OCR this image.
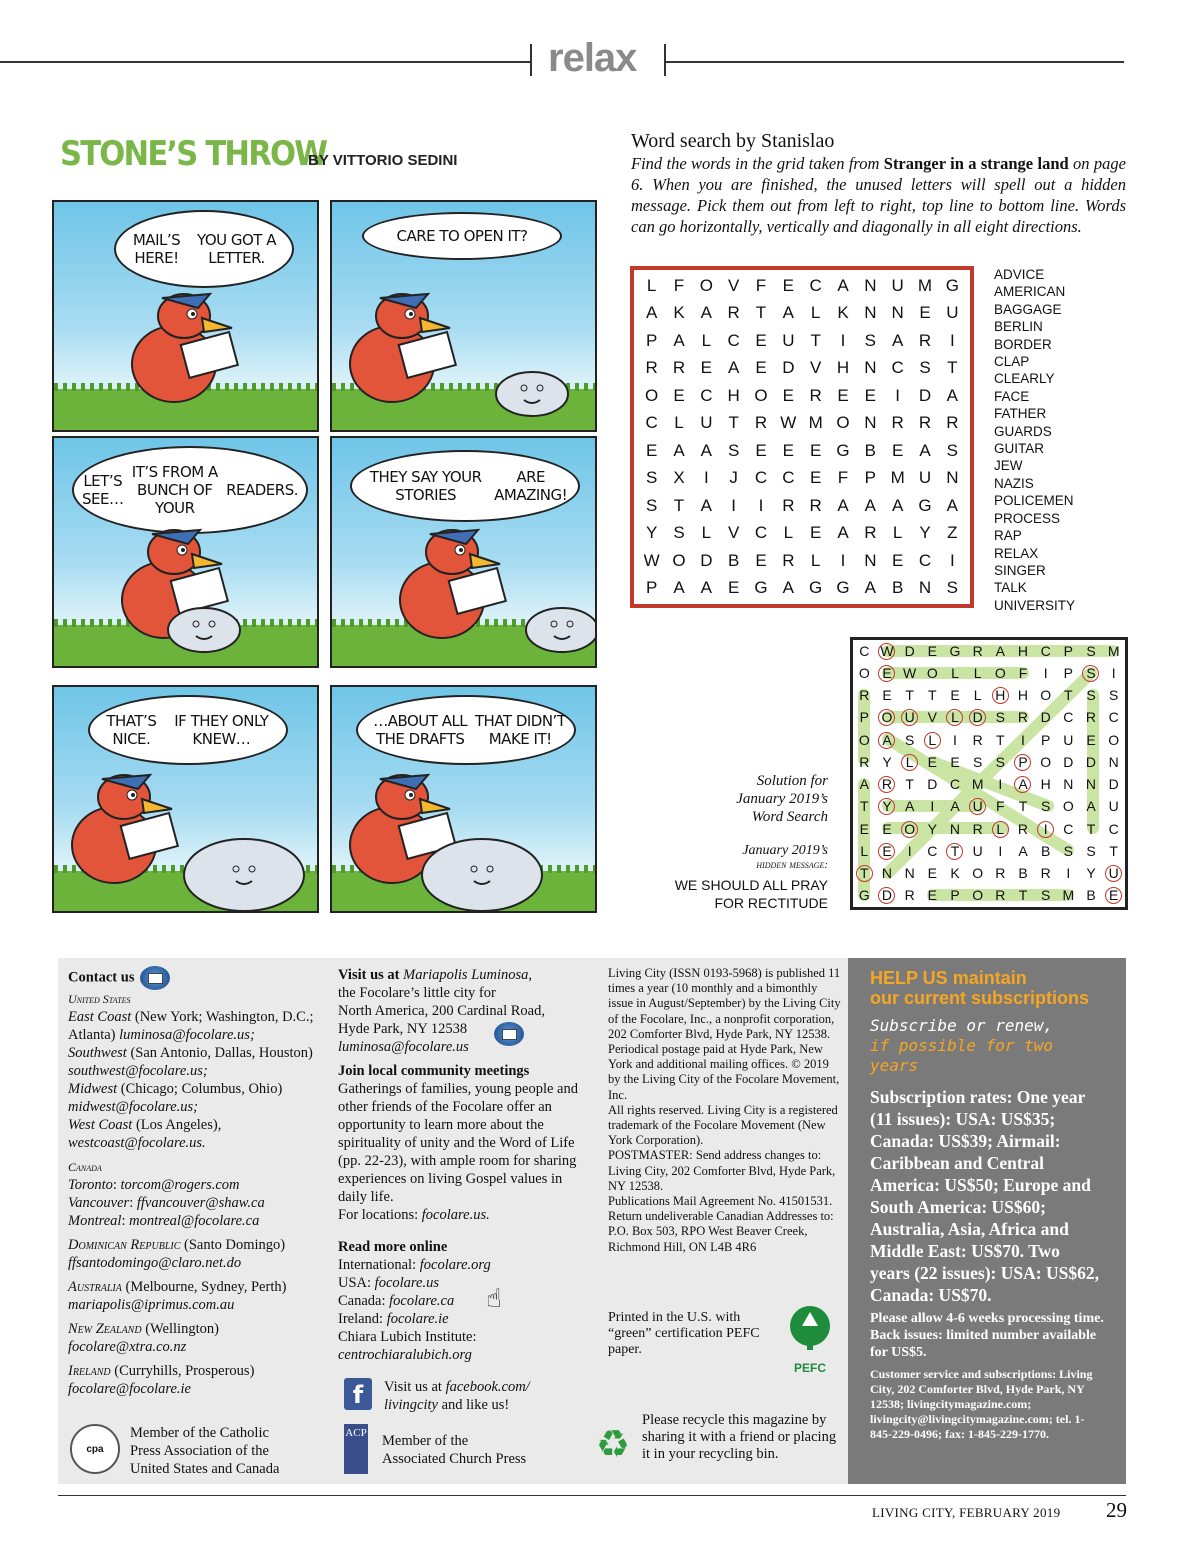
relax
STONE’S THROW
BY VITTORIO SEDINI
MAIL’S HERE!
YOU GOT A LETTER.
CARE TO OPEN IT?
LET’S SEE…
IT’S FROM A BUNCH OF YOUR
READERS.
THEY SAY YOUR STORIES
ARE AMAZING!
THAT’S NICE.
IF THEY ONLY KNEW…
…ABOUT ALL THE DRAFTS
THAT DIDN’T MAKE IT!
Word search by Stanislao
Find the words in the grid taken from Stranger in a strange land on page 6. When you are finished, the unused letters will spell out a hidden message. Pick them out from left to right, top line to bottom line. Words can go horizontally, vertically and diagonally in all eight directions.
L F O V F E C A N U M G
A K A R T A L K N N E U
P A L C E U T I S A R I
R R E A E D V H N C S T
O E C H O E R E E I D A
C L U T R W M O N R R R
E A A S E E E G B E A S
S X I J C C E F P M U N
S T A I I R R A A A G A
Y S L V C L E A R L Y Z
W O D B E R L I N E C I
P A A E G A G G A B N S
ADVICE
AMERICAN
BAGGAGE
BERLIN
BORDER
CLAP
CLEARLY
FACE
FATHER
GUARDS
GUITAR
JEW
NAZIS
POLICEMEN
PROCESS
RAP
RELAX
SINGER
TALK
UNIVERSITY
Solution for
January 2019’s
Word Search
January 2019’s
hidden message:
WE SHOULD ALL PRAY
FOR RECTITUDE
C W D E G R A H C P S M
O E W O L	L O F	I	P S	I
R E T	T E	L H H O T S S
P O U V	L D S R D C R C
O A S	L	I	R T	I	P U E O
R Y	L	E E S S P O D D N
A R T D C M	I	A H N N D
T Y A	I	A U F	T S O A U
E E O Y N R L R	I	C T C
L	E	I	C T U	I	A B S S T
T N N E K O R B R	I	Y U
G D R E P O R T S M B E
Contact us
United States
East Coast (New York; Washington, D.C.; Atlanta) luminosa@focolare.us;
Southwest (San Antonio, Dallas, Houston) southwest@focolare.us;
Midwest (Chicago; Columbus, Ohio) midwest@focolare.us;
West Coast (Los Angeles), westcoast@focolare.us.
Canada
Toronto: torcom@rogers.com
Vancouver: ffvancouver@shaw.ca
Montreal: montreal@focolare.ca
Dominican Republic (Santo Domingo)
ffsantodomingo@claro.net.do
Australia (Melbourne, Sydney, Perth)
mariapolis@iprimus.com.au
New Zealand (Wellington)
focolare@xtra.co.nz
Ireland (Curryhills, Prosperous)
focolare@focolare.ie
cpa
Member of the Catholic
Press Association of the
United States and Canada
Visit us at Mariapolis Luminosa,
the Focolare’s little city for
North America, 200 Cardinal Road,
Hyde Park, NY 12538
luminosa@focolare.us
Join local community meetings
Gatherings of families, young people and other friends of the Focolare offer an opportunity to learn more about the spirituality of unity and the Word of Life (pp. 22-23), with ample room for sharing experiences on living Gospel values in daily life.
For locations: focolare.us.
Read more online
International: focolare.org
USA: focolare.us
Canada: focolare.ca
Ireland: focolare.ie
Chiara Lubich Institute:
centrochiaralubich.org
☝
f	Visit us at facebook.com/
livingcity and like us!
ACP Member of the
Associated Church Press
Living City (ISSN 0193-5968) is published 11 times a year (10 monthly and a bimonthly issue in August/September) by the Living City of the Focolare, Inc., a nonprofit corporation, 202 Comforter Blvd, Hyde Park, NY 12538. Periodical postage paid at Hyde Park, New York and additional mailing offices. © 2019 by the Living City of the Focolare Movement, Inc.
All rights reserved. Living City is a registered trademark of the Focolare Movement (New York Corporation).
POSTMASTER: Send address changes to: Living City, 202 Comforter Blvd, Hyde Park, NY 12538.
Publications Mail Agreement No. 41501531. Return undeliverable Canadian Addresses to: P.O. Box 503, RPO West Beaver Creek, Richmond Hill, ON L4B 4R6
Printed in the U.S. with “green” certification PEFC paper.
PEFC
♻
Please recycle this magazine by sharing it with a friend or placing it in your recycling bin.
HELP US maintain
our current subscriptions
Subscribe or renew,
if possible for two years
Subscription rates: One year (11 issues): USA: US$35; Canada: US$39; Airmail: Caribbean and Central America: US$50; Europe and South America: US$60; Australia, Asia, Africa and Middle East: US$70. Two years (22 issues): USA: US$62, Canada: US$70.
Please allow 4-6 weeks processing time. Back issues: limited number available for US$5.
Customer service and subscriptions: Living City, 202 Comforter Blvd, Hyde Park, NY 12538; livingcitymagazine.com; livingcity@livingcitymagazine.com; tel. 1-845-229-0496; fax: 1-845-229-1770.
LIVING CITY, FEBRUARY 2019 29
